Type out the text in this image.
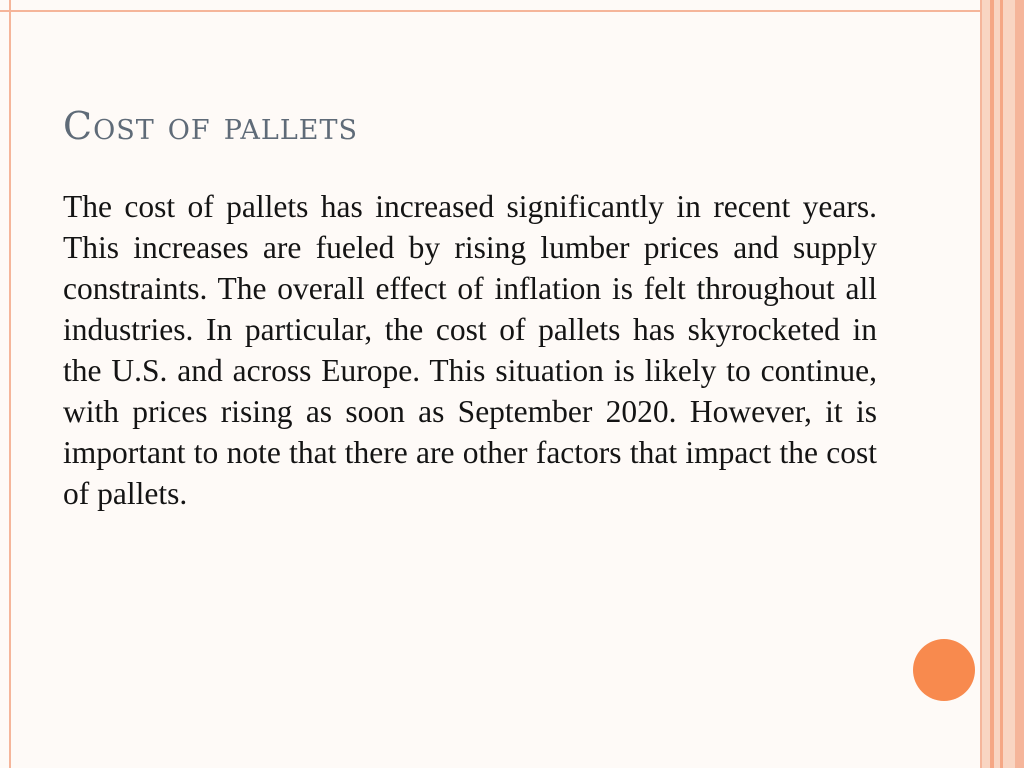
Cost of pallets

The cost of pallets has increased significantly in recent years. This increases are fueled by rising lumber prices and supply constraints. The overall effect of inflation is felt throughout all industries. In particular, the cost of pallets has skyrocketed in the U.S. and across Europe. This situation is likely to continue, with prices rising as soon as September 2020. However, it is important to note that there are other factors that impact the cost of pallets.
